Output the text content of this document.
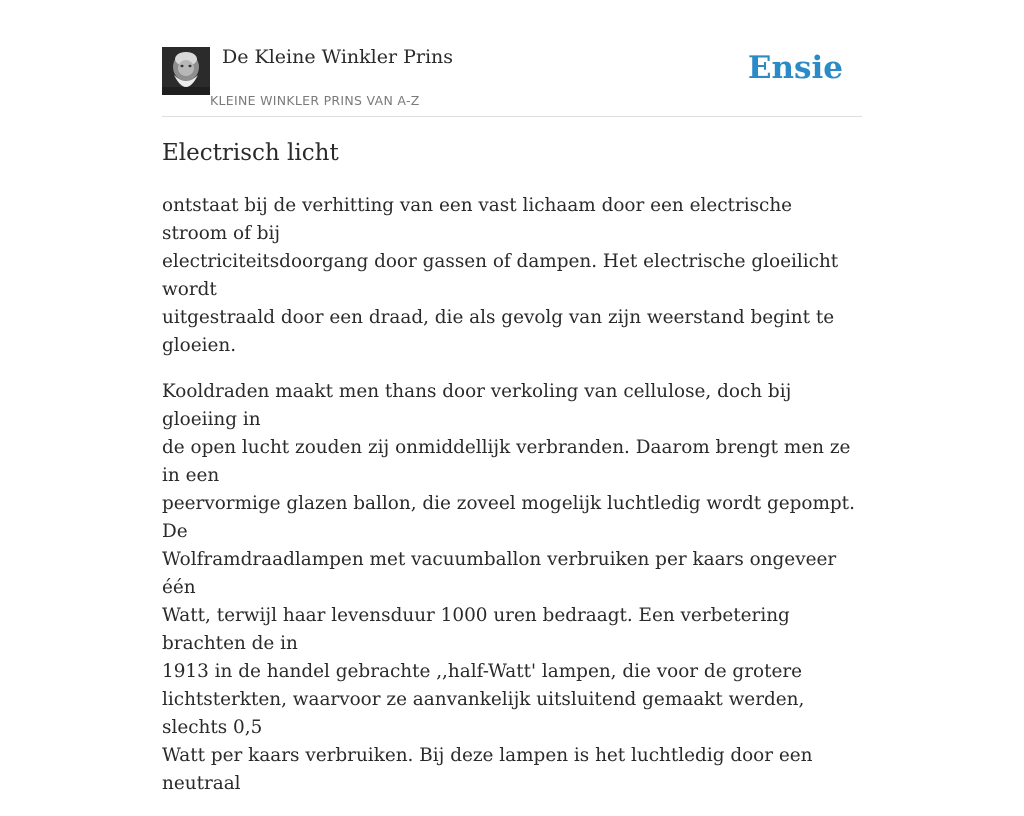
De Kleine Winkler Prins
KLEINE WINKLER PRINS VAN A-Z
Ensie
Electrisch licht

ontstaat bij de verhitting van een vast lichaam door een electrische stroom of bij
electriciteitsdoorgang door gassen of dampen. Het electrische gloeilicht wordt
uitgestraald door een draad, die als gevolg van zijn weerstand begint te gloeien.

Kooldraden maakt men thans door verkoling van cellulose, doch bij gloeiing in
de open lucht zouden zij onmiddellijk verbranden. Daarom brengt men ze in een
peervormige glazen ballon, die zoveel mogelijk luchtledig wordt gepompt. De
Wolframdraadlampen met vacuumballon verbruiken per kaars ongeveer één
Watt, terwijl haar levensduur 1000 uren bedraagt. Een verbetering brachten de in
1913 in de handel gebrachte ,,half-Watt' lampen, die voor de grotere
lichtsterkten, waarvoor ze aanvankelijk uitsluitend gemaakt werden, slechts 0,5
Watt per kaars verbruiken. Bij deze lampen is het luchtledig door een neutraal
